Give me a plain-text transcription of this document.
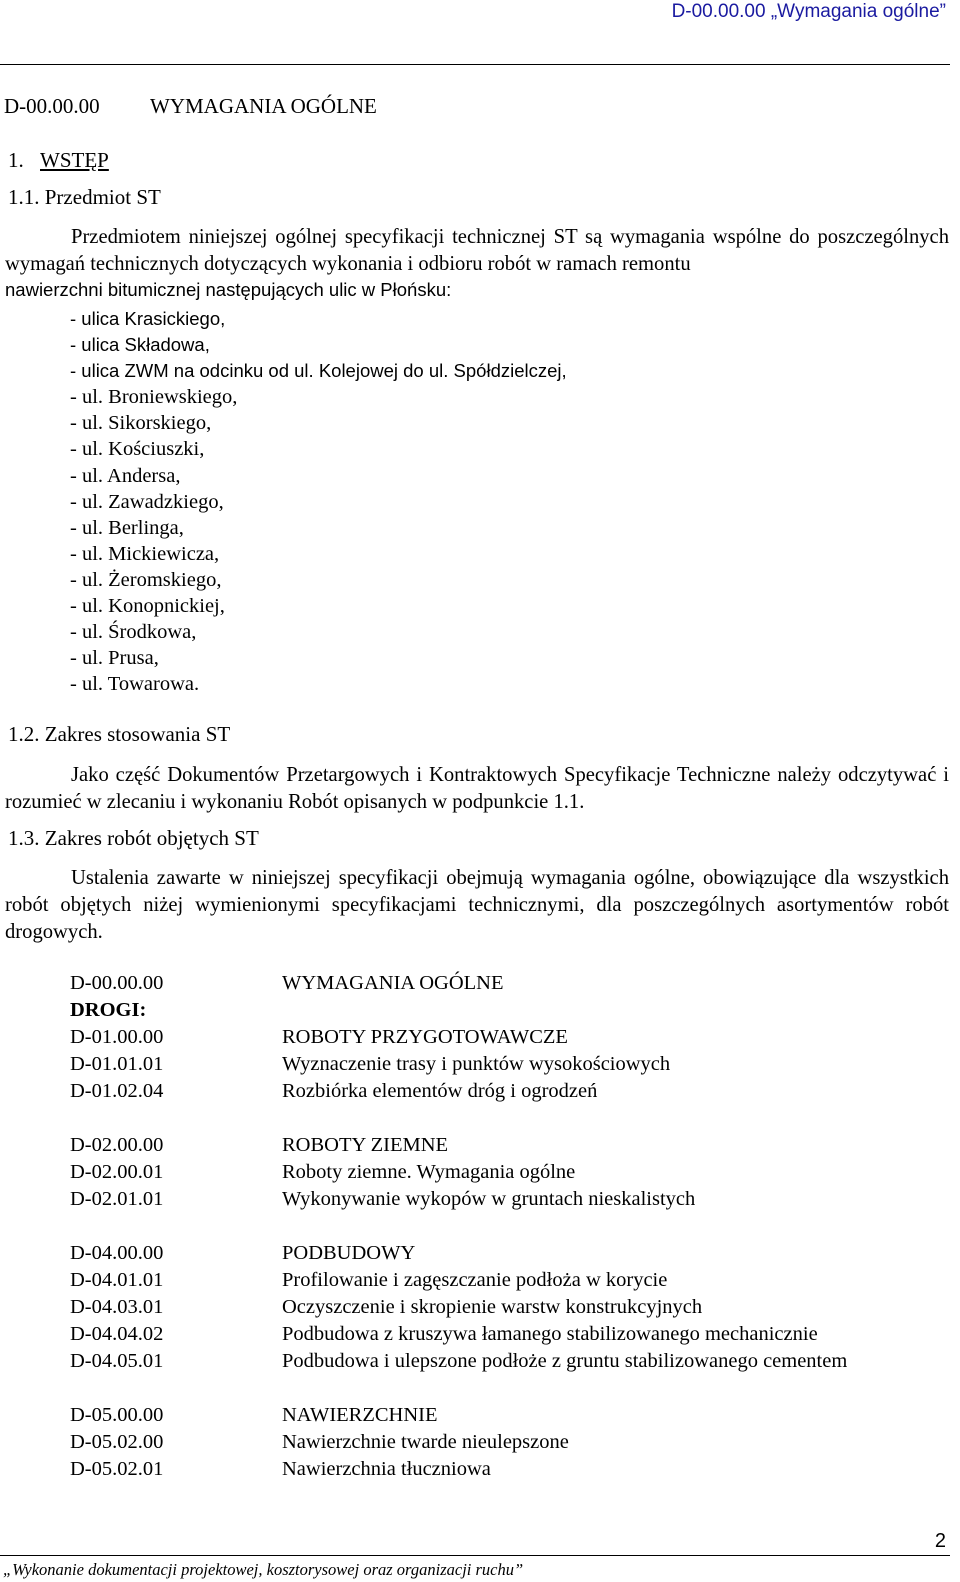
D-00.00.00 „Wymagania ogólne”
D-00.00.00 WYMAGANIA OGÓLNE
1. WSTĘP
1.1. Przedmiot ST

Przedmiotem niniejszej ogólnej specyfikacji technicznej ST są wymagania wspólne do poszczególnych wymagań technicznych dotyczących wykonania i odbioru robót w ramach remontu

nawierzchni bitumicznej następujących ulic w Płońsku:
- ulica Krasickiego,
- ulica Składowa,
- ulica ZWM na odcinku od ul. Kolejowej do ul. Spółdzielczej,
- ul. Broniewskiego,
- ul. Sikorskiego,
- ul. Kościuszki,
- ul. Andersa,
- ul. Zawadzkiego,
- ul. Berlinga,
- ul. Mickiewicza,
- ul. Żeromskiego,
- ul. Konopnickiej,
- ul. Środkowa,
- ul. Prusa,
- ul. Towarowa.
1.2. Zakres stosowania ST

Jako część Dokumentów Przetargowych i Kontraktowych Specyfikacje Techniczne należy odczytywać i rozumieć w zlecaniu i wykonaniu Robót opisanych w podpunkcie 1.1.

1.3. Zakres robót objętych ST

Ustalenia zawarte w niniejszej specyfikacji obejmują wymagania ogólne, obowiązujące dla wszystkich robót objętych niżej wymienionymi specyfikacjami technicznymi, dla poszczególnych asortymentów robót drogowych.

D-00.00.00	WYMAGANIA OGÓLNE
DROGI:	
D-01.00.00	ROBOTY PRZYGOTOWAWCZE
D-01.01.01	Wyznaczenie trasy i punktów wysokościowych
D-01.02.04	Rozbiórka elementów dróg i ogrodzeń

D-02.00.00	ROBOTY ZIEMNE
D-02.00.01	Roboty ziemne. Wymagania ogólne
D-02.01.01	Wykonywanie wykopów w gruntach nieskalistych

D-04.00.00	PODBUDOWY
D-04.01.01	Profilowanie i zagęszczanie podłoża w korycie
D-04.03.01	Oczyszczenie i skropienie warstw konstrukcyjnych
D-04.04.02	Podbudowa z kruszywa łamanego stabilizowanego mechanicznie
D-04.05.01	Podbudowa i ulepszone podłoże z gruntu stabilizowanego cementem

D-05.00.00	NAWIERZCHNIE
D-05.02.00	Nawierzchnie twarde nieulepszone
D-05.02.01	Nawierzchnia tłuczniowa
2
„Wykonanie dokumentacji projektowej, kosztorysowej oraz organizacji ruchu”
